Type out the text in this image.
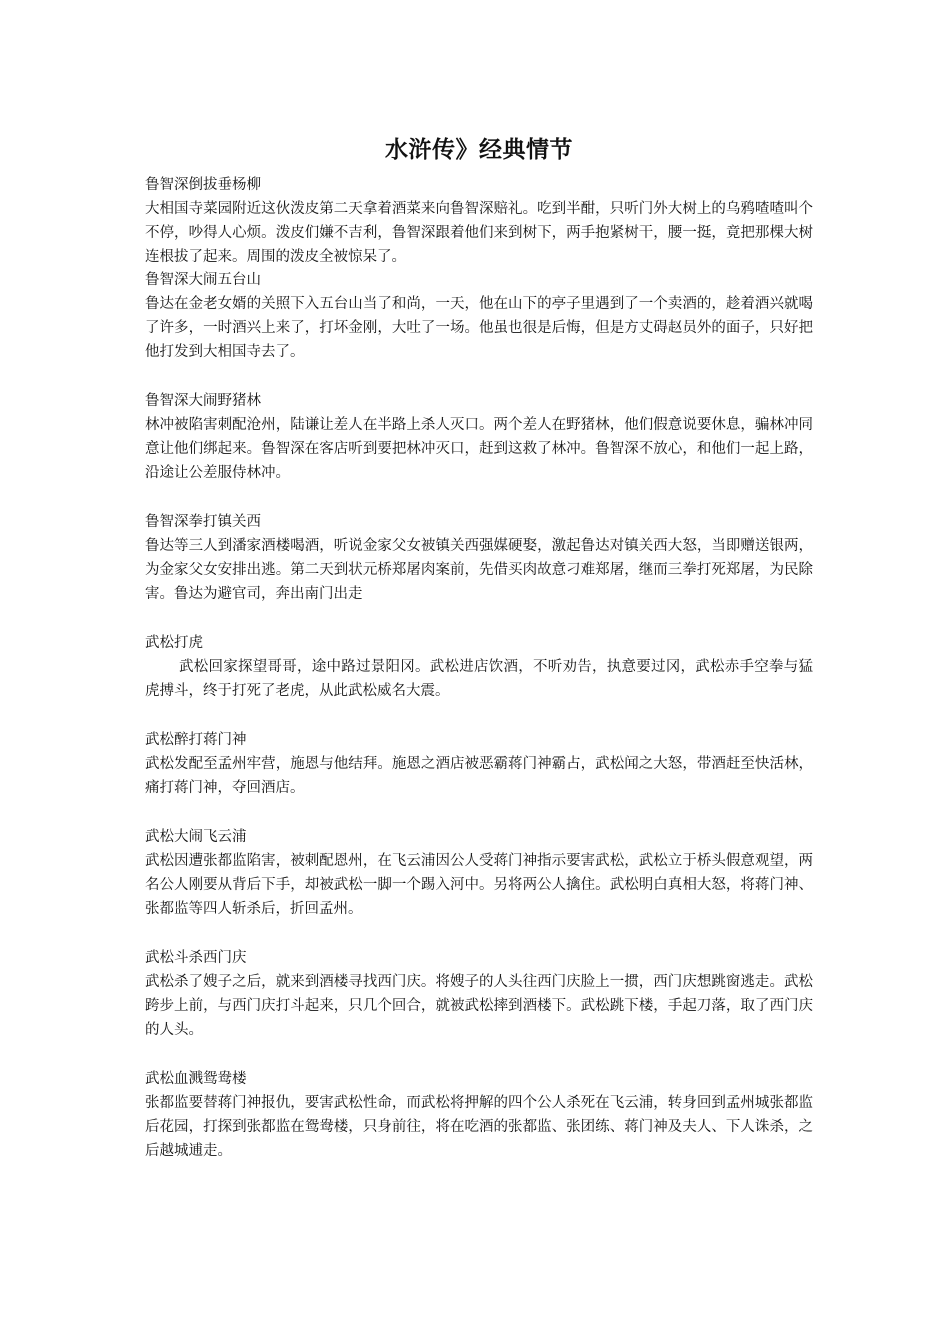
水浒传》经典情节

鲁智深倒拔垂杨柳

大相国寺菜园附近这伙泼皮第二天拿着酒菜来向鲁智深赔礼。吃到半酣，只听门外大树上的乌鸦喳喳叫个不停，吵得人心烦。泼皮们嫌不吉利，鲁智深跟着他们来到树下，两手抱紧树干，腰一挺，竟把那棵大树连根拔了起来。周围的泼皮全被惊呆了。

鲁智深大闹五台山

鲁达在金老女婿的关照下入五台山当了和尚，一天，他在山下的亭子里遇到了一个卖酒的，趁着酒兴就喝了许多，一时酒兴上来了，打坏金刚，大吐了一场。他虽也很是后悔，但是方丈碍赵员外的面子，只好把他打发到大相国寺去了。

鲁智深大闹野猪林

林冲被陷害刺配沧州，陆谦让差人在半路上杀人灭口。两个差人在野猪林，他们假意说要休息，骗林冲同意让他们绑起来。鲁智深在客店听到要把林冲灭口，赶到这救了林冲。鲁智深不放心，和他们一起上路，沿途让公差服侍林冲。

鲁智深拳打镇关西

鲁达等三人到潘家酒楼喝酒，听说金家父女被镇关西强媒硬娶，激起鲁达对镇关西大怒，当即赠送银两，为金家父女安排出逃。第二天到状元桥郑屠肉案前，先借买肉故意刁难郑屠，继而三拳打死郑屠，为民除害。鲁达为避官司，奔出南门出走

武松打虎

武松回家探望哥哥，途中路过景阳冈。武松进店饮酒，不听劝告，执意要过冈，武松赤手空拳与猛虎搏斗，终于打死了老虎，从此武松威名大震。

武松醉打蒋门神

武松发配至孟州牢营，施恩与他结拜。施恩之酒店被恶霸蒋门神霸占，武松闻之大怒，带酒赶至快活林，痛打蒋门神，夺回酒店。

武松大闹飞云浦

武松因遭张都监陷害，被刺配恩州，在飞云浦因公人受蒋门神指示要害武松，武松立于桥头假意观望，两名公人刚要从背后下手，却被武松一脚一个踢入河中。另将两公人擒住。武松明白真相大怒，将蒋门神、张都监等四人斩杀后，折回孟州。

武松斗杀西门庆

武松杀了嫂子之后，就来到酒楼寻找西门庆。将嫂子的人头往西门庆脸上一掼，西门庆想跳窗逃走。武松跨步上前，与西门庆打斗起来，只几个回合，就被武松摔到酒楼下。武松跳下楼，手起刀落，取了西门庆的人头。

武松血溅鸳鸯楼

张都监要替蒋门神报仇，要害武松性命，而武松将押解的四个公人杀死在飞云浦，转身回到孟州城张都监后花园，打探到张都监在鸳鸯楼，只身前往，将在吃酒的张都监、张团练、蒋门神及夫人、下人诛杀，之后越城逋走。
